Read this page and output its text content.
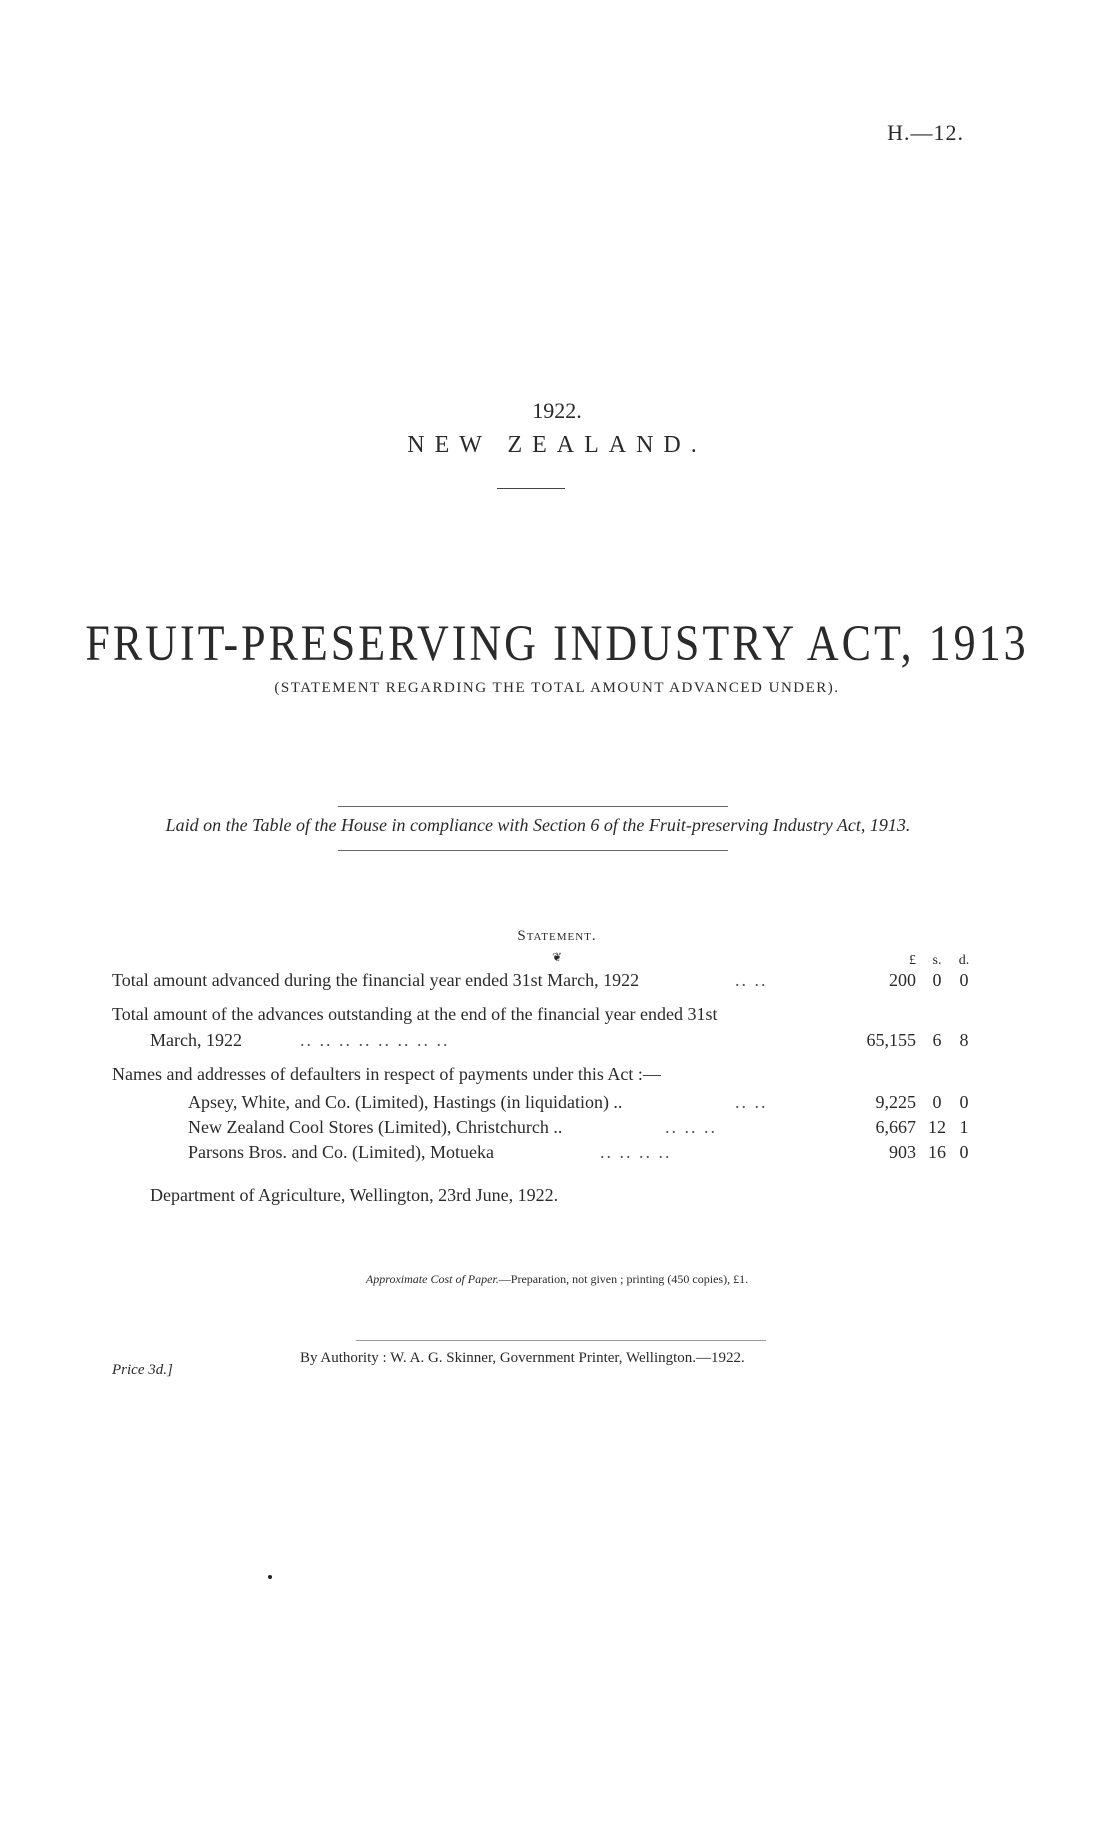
H.—12.
1922.
NEW ZEALAND.
FRUIT-PRESERVING INDUSTRY ACT, 1913
(STATEMENT REGARDING THE TOTAL AMOUNT ADVANCED UNDER).
Laid on the Table of the House in compliance with Section 6 of the Fruit-preserving Industry Act, 1913.
Statement.
❦	£	s.	d.
Total amount advanced during the financial year ended 31st March, 1922	.. ..	200 0	0
Total amount of the advances outstanding at the end of the financial year ended 31st
March, 1922	.. .. .. .. .. .. .. ..	65,155 6	8
Names and addresses of defaulters in respect of payments under this Act :—
Apsey, White, and Co. (Limited), Hastings (in liquidation) ..	.. ..	9,225 0	0
New Zealand Cool Stores (Limited), Christchurch ..	.. .. ..	6,667 12 1
Parsons Bros. and Co. (Limited), Motueka	.. .. .. ..	903 16 0
Department of Agriculture, Wellington, 23rd June, 1922.
Approximate Cost of Paper.—Preparation, not given ; printing (450 copies), £1.
By Authority : W. A. G. Skinner, Government Printer, Wellington.—1922.
Price 3d.]
